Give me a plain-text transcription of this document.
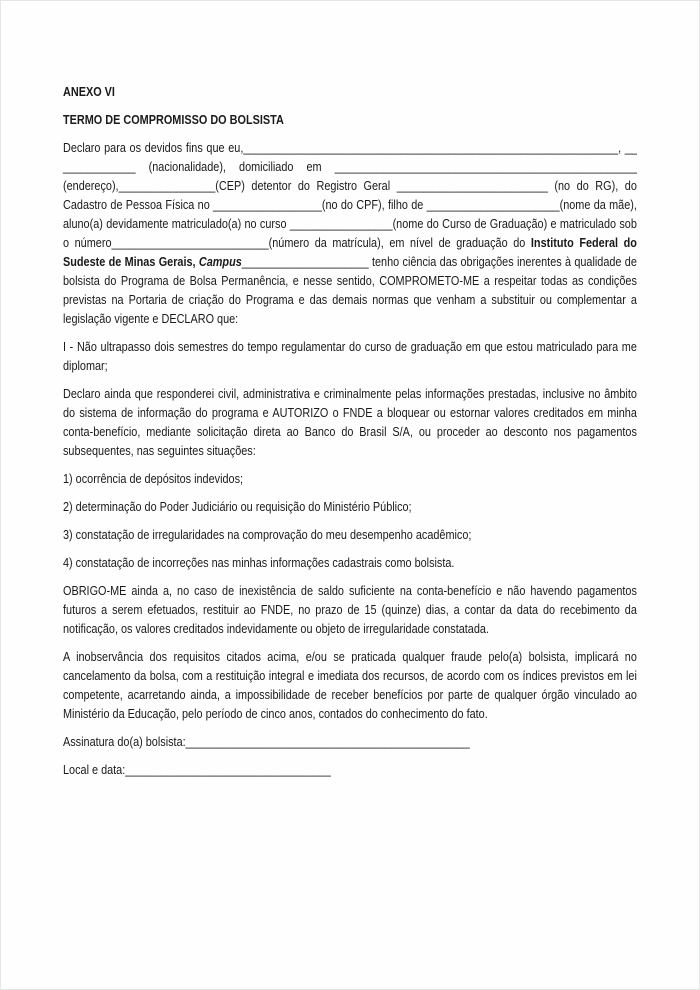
ANEXO VI

TERMO DE COMPROMISSO DO BOLSISTA

Declaro para os devidos fins que eu,_​_​_​_​_​_​_​_​_​_​_​_​_​_​_​_​_​_​_​_​_​_​_​_​_​_​_​_​_​_​_​_​_​_​_​_​_​_​_​_​_​_​_​_​_​_​_​_​_​_​_​_​_​_​_​_​_​_​_​_​_​_​, _​_​_​_​_​_​_​_​_​_​_​_​_​_​ (nacionalidade), domiciliado em _​_​_​_​_​_​_​_​_​_​_​_​_​_​_​_​_​_​_​_​_​_​_​_​_​_​_​_​_​_​_​_​_​_​_​_​_​_​_​_​_​_​_​_​_​_​_​_​_​_​ (endereço),_​_​_​_​_​_​_​_​_​_​_​_​_​_​_​_​(CEP) detentor do Registro Geral _​_​_​_​_​_​_​_​_​_​_​_​_​_​_​_​_​_​_​_​_​_​_​_​_​ (no do RG), do Cadastro de Pessoa Física no _​_​_​_​_​_​_​_​_​_​_​_​_​_​_​_​_​_​(no do CPF), filho de _​_​_​_​_​_​_​_​_​_​_​_​_​_​_​_​_​_​_​_​_​_​(nome da mãe), aluno(a) devidamente matriculado(a) no curso _​_​_​_​_​_​_​_​_​_​_​_​_​_​_​_​_​(nome do Curso de Graduação) e matriculado sob o número_​_​_​_​_​_​_​_​_​_​_​_​_​_​_​_​_​_​_​_​_​_​_​_​_​_​(número da matrícula), em nível de graduação do Instituto Federal do Sudeste de Minas Gerais, Campus_​_​_​_​_​_​_​_​_​_​_​_​_​_​_​_​_​_​_​_​_​ tenho ciência das obrigações inerentes à qualidade de bolsista do Programa de Bolsa Permanência, e nesse sentido, COMPROMETO-ME a respeitar todas as condições previstas na Portaria de criação do Programa e das demais normas que venham a substituir ou complementar a legislação vigente e DECLARO que:

I - Não ultrapasso dois semestres do tempo regulamentar do curso de graduação em que estou matriculado para me diplomar;

Declaro ainda que responderei civil, administrativa e criminalmente pelas informações prestadas, inclusive no âmbito do sistema de informação do programa e AUTORIZO o FNDE a bloquear ou estornar valores creditados em minha conta-benefício, mediante solicitação direta ao Banco do Brasil S/A, ou proceder ao desconto nos pagamentos subsequentes, nas seguintes situações:

1) ocorrência de depósitos indevidos;

2) determinação do Poder Judiciário ou requisição do Ministério Público;

3) constatação de irregularidades na comprovação do meu desempenho acadêmico;

4) constatação de incorreções nas minhas informações cadastrais como bolsista.

OBRIGO-ME ainda a, no caso de inexistência de saldo suficiente na conta-benefício e não havendo pagamentos futuros a serem efetuados, restituir ao FNDE, no prazo de 15 (quinze) dias, a contar da data do recebimento da notificação, os valores creditados indevidamente ou objeto de irregularidade constatada.

A inobservância dos requisitos citados acima, e/ou se praticada qualquer fraude pelo(a) bolsista, implicará no cancelamento da bolsa, com a restituição integral e imediata dos recursos, de acordo com os índices previstos em lei competente, acarretando ainda, a impossibilidade de receber benefícios por parte de qualquer órgão vinculado ao Ministério da Educação, pelo período de cinco anos, contados do conhecimento do fato.

Assinatura do(a) bolsista:_​_​_​_​_​_​_​_​_​_​_​_​_​_​_​_​_​_​_​_​_​_​_​_​_​_​_​_​_​_​_​_​_​_​_​_​_​_​_​_​_​_​_​_​_​_​_​

Local e data:_​_​_​_​_​_​_​_​_​_​_​_​_​_​_​_​_​_​_​_​_​_​_​_​_​_​_​_​_​_​_​_​_​_​
